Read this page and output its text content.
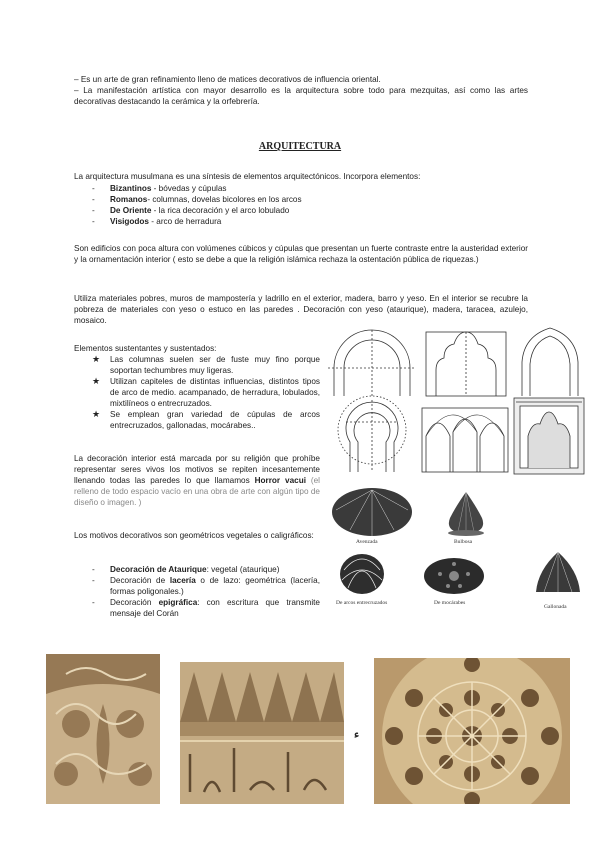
– Es un arte de gran refinamiento lleno de matices decorativos de influencia oriental.
– La manifestación artística con mayor desarrollo es la arquitectura sobre todo para mezquitas, así como las artes decorativas destacando la cerámica y la orfebrería.
ARQUITECTURA
La arquitectura musulmana es una síntesis de elementos arquitectónicos. Incorpora elementos:
- Bizantinos - bóvedas y cúpulas
- Romanos- columnas, dovelas bicolores en los arcos
- De Oriente - la rica decoración y el arco lobulado
- Visigodos - arco de herradura
Son edificios con poca altura con volúmenes cúbicos y cúpulas que presentan un fuerte contraste entre la austeridad exterior y la ornamentación interior ( esto se debe a que la religión islámica rechaza la ostentación pública de riquezas.)
Utiliza materiales pobres, muros de mampostería y ladrillo en el exterior, madera, barro y yeso. En el interior se recubre la pobreza de materiales con yeso o estuco en las paredes . Decoración con yeso (ataurique), madera, taracea, azulejo, mosaico.
Elementos sustentantes y sustentados:
★ Las columnas suelen ser de fuste muy fino porque soportan techumbres muy ligeras.
★ Utilizan capiteles de distintas influencias, distintos tipos de arco de medio. acampanado, de herradura, lobulados, mixtilíneos o entrecruzados.
★ Se emplean gran variedad de cúpulas de arcos entrecruzados, gallonadas, mocárabes..
La decoración interior está marcada por su religión que prohíbe representar seres vivos los motivos se repiten incesantemente llenando todas las paredes lo que llamamos Horror vacui (el relleno de todo espacio vacío en una obra de arte con algún tipo de diseño o imagen. )
Los motivos decorativos son geométricos vegetales o caligráficos:
- Decoración de Ataurique: vegetal (ataurique)
- Decoración de lacería o de lazo: geométrica (lacería, formas poligonales.)
- Decoración epigráfica: con escritura que transmite mensaje del Corán
Avenzada	Bulbosa
De arcos entrecruzados	De mocárabes
Gallonada
ء
